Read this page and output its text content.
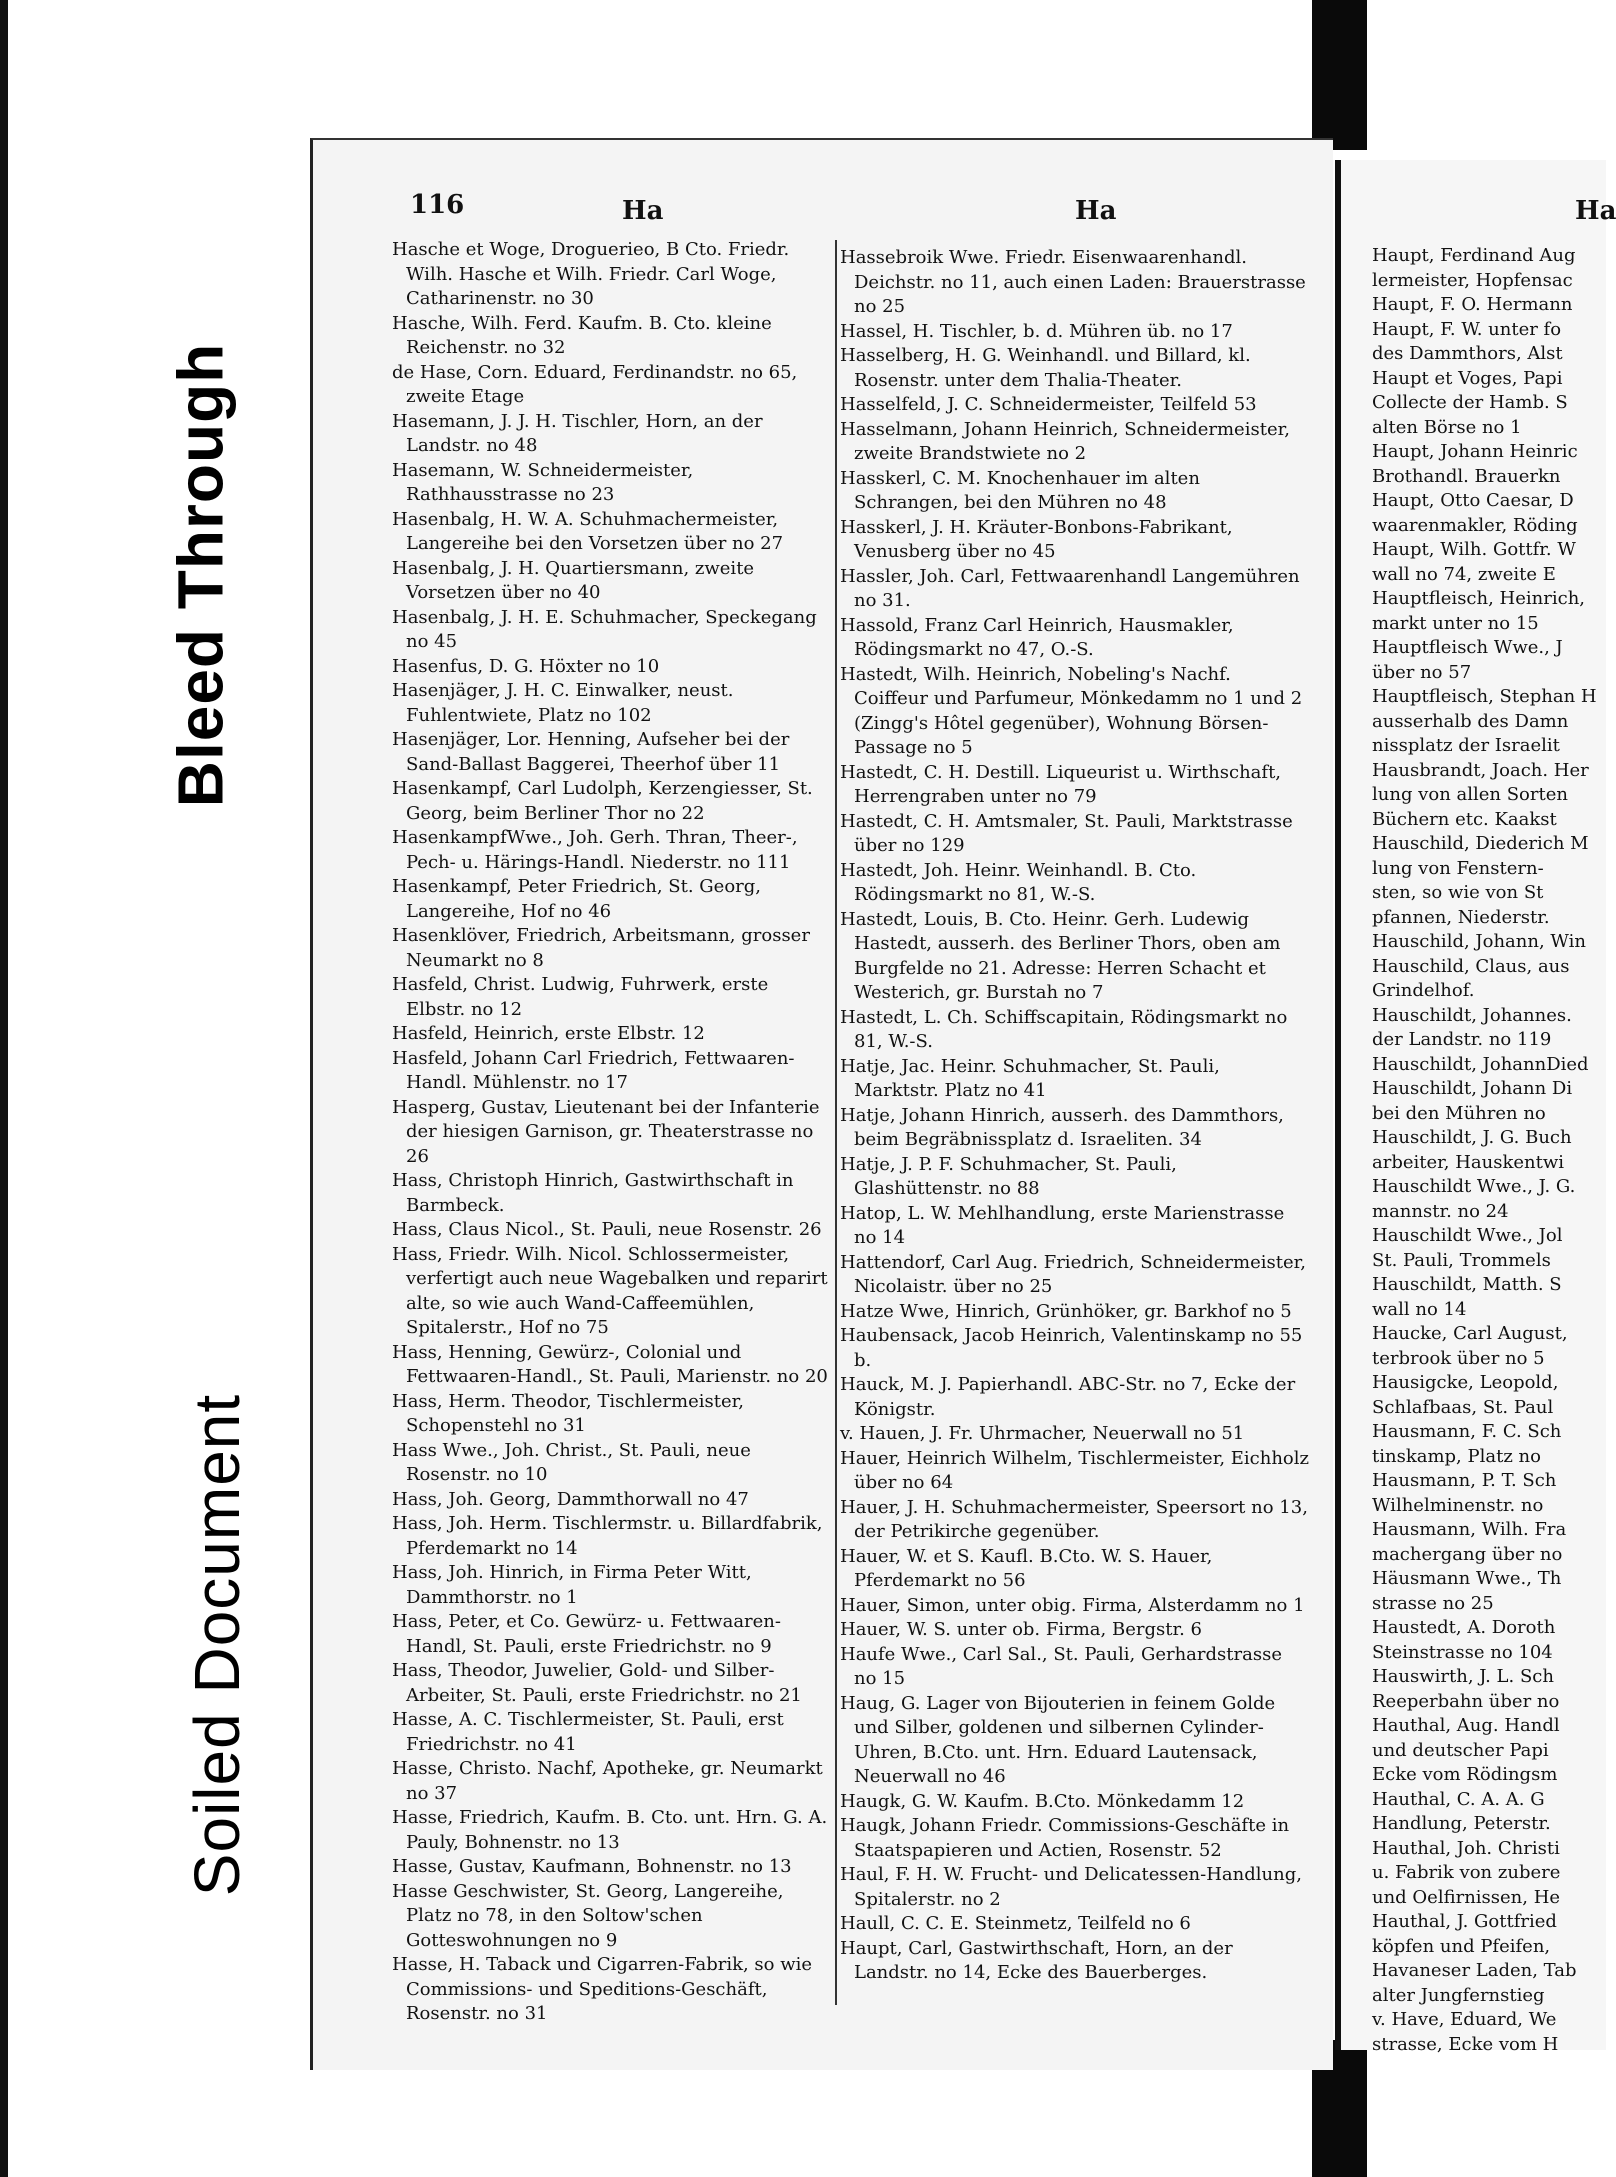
Bleed Through
Soiled Document
116	Ha	Ha	Ha

Hasche et Woge, Droguerieo, B Cto. Friedr. Wilh. Hasche et Wilh. Friedr. Carl Woge, Catharinenstr. no 30

Hasche, Wilh. Ferd. Kaufm. B. Cto. kleine Reichenstr. no 32

de Hase, Corn. Eduard, Ferdinandstr. no 65, zweite Etage

Hasemann, J. J. H. Tischler, Horn, an der Landstr. no 48

Hasemann, W. Schneidermeister, Rathhausstrasse no 23

Hasenbalg, H. W. A. Schuhmachermeister, Langereihe bei den Vorsetzen über no 27

Hasenbalg, J. H. Quartiersmann, zweite Vorsetzen über no 40

Hasenbalg, J. H. E. Schuhmacher, Speckegang no 45

Hasenfus, D. G. Höxter no 10

Hasenjäger, J. H. C. Einwalker, neust. Fuhlentwiete, Platz no 102

Hasenjäger, Lor. Henning, Aufseher bei der Sand-Ballast Baggerei, Theerhof über 11

Hasenkampf, Carl Ludolph, Kerzengiesser, St. Georg, beim Berliner Thor no 22

HasenkampfWwe., Joh. Gerh. Thran, Theer-, Pech- u. Härings-Handl. Niederstr. no 111

Hasenkampf, Peter Friedrich, St. Georg, Langereihe, Hof no 46

Hasenklöver, Friedrich, Arbeitsmann, grosser Neumarkt no 8

Hasfeld, Christ. Ludwig, Fuhrwerk, erste Elbstr. no 12

Hasfeld, Heinrich, erste Elbstr. 12

Hasfeld, Johann Carl Friedrich, Fettwaaren-Handl. Mühlenstr. no 17

Hasperg, Gustav, Lieutenant bei der Infanterie der hiesigen Garnison, gr. Theaterstrasse no 26

Hass, Christoph Hinrich, Gastwirthschaft in Barmbeck.

Hass, Claus Nicol., St. Pauli, neue Rosenstr. 26

Hass, Friedr. Wilh. Nicol. Schlossermeister, verfertigt auch neue Wagebalken und reparirt alte, so wie auch Wand-Caffeemühlen, Spitalerstr., Hof no 75

Hass, Henning, Gewürz-, Colonial und Fettwaaren-Handl., St. Pauli, Marienstr. no 20

Hass, Herm. Theodor, Tischlermeister, Schopenstehl no 31

Hass Wwe., Joh. Christ., St. Pauli, neue Rosenstr. no 10

Hass, Joh. Georg, Dammthorwall no 47

Hass, Joh. Herm. Tischlermstr. u. Billardfabrik, Pferdemarkt no 14

Hass, Joh. Hinrich, in Firma Peter Witt, Dammthorstr. no 1

Hass, Peter, et Co. Gewürz- u. Fettwaaren-Handl, St. Pauli, erste Friedrichstr. no 9

Hass, Theodor, Juwelier, Gold- und Silber-Arbeiter, St. Pauli, erste Friedrichstr. no 21

Hasse, A. C. Tischlermeister, St. Pauli, erst Friedrichstr. no 41

Hasse, Christo. Nachf, Apotheke, gr. Neumarkt no 37

Hasse, Friedrich, Kaufm. B. Cto. unt. Hrn. G. A. Pauly, Bohnenstr. no 13

Hasse, Gustav, Kaufmann, Bohnenstr. no 13

Hasse Geschwister, St. Georg, Langereihe, Platz no 78, in den Soltow'schen Gotteswohnungen no 9

Hasse, H. Taback und Cigarren-Fabrik, so wie Commissions- und Speditions-Geschäft, Rosenstr. no 31

Hassebroik Wwe. Friedr. Eisenwaarenhandl. Deichstr. no 11, auch einen Laden: Brauerstrasse no 25

Hassel, H. Tischler, b. d. Mühren üb. no 17

Hasselberg, H. G. Weinhandl. und Billard, kl. Rosenstr. unter dem Thalia-Theater.

Hasselfeld, J. C. Schneidermeister, Teilfeld 53

Hasselmann, Johann Heinrich, Schneidermeister, zweite Brandstwiete no 2

Hasskerl, C. M. Knochenhauer im alten Schrangen, bei den Mühren no 48

Hasskerl, J. H. Kräuter-Bonbons-Fabrikant, Venusberg über no 45

Hassler, Joh. Carl, Fettwaarenhandl Langemühren no 31.

Hassold, Franz Carl Heinrich, Hausmakler, Rödingsmarkt no 47, O.-S.

Hastedt, Wilh. Heinrich, Nobeling's Nachf. Coiffeur und Parfumeur, Mönkedamm no 1 und 2 (Zingg's Hôtel gegenüber), Wohnung Börsen-Passage no 5

Hastedt, C. H. Destill. Liqueurist u. Wirthschaft, Herrengraben unter no 79

Hastedt, C. H. Amtsmaler, St. Pauli, Marktstrasse über no 129

Hastedt, Joh. Heinr. Weinhandl. B. Cto. Rödingsmarkt no 81, W.-S.

Hastedt, Louis, B. Cto. Heinr. Gerh. Ludewig Hastedt, ausserh. des Berliner Thors, oben am Burgfelde no 21. Adresse: Herren Schacht et Westerich, gr. Burstah no 7

Hastedt, L. Ch. Schiffscapitain, Rödingsmarkt no 81, W.-S.

Hatje, Jac. Heinr. Schuhmacher, St. Pauli, Marktstr. Platz no 41

Hatje, Johann Hinrich, ausserh. des Dammthors, beim Begräbnissplatz d. Israeliten. 34

Hatje, J. P. F. Schuhmacher, St. Pauli, Glashüttenstr. no 88

Hatop, L. W. Mehlhandlung, erste Marienstrasse no 14

Hattendorf, Carl Aug. Friedrich, Schneidermeister, Nicolaistr. über no 25

Hatze Wwe, Hinrich, Grünhöker, gr. Barkhof no 5

Haubensack, Jacob Heinrich, Valentinskamp no 55 b.

Hauck, M. J. Papierhandl. ABC-Str. no 7, Ecke der Königstr.

v. Hauen, J. Fr. Uhrmacher, Neuerwall no 51

Hauer, Heinrich Wilhelm, Tischlermeister, Eichholz über no 64

Hauer, J. H. Schuhmachermeister, Speersort no 13, der Petrikirche gegenüber.

Hauer, W. et S. Kaufl. B.Cto. W. S. Hauer, Pferdemarkt no 56

Hauer, Simon, unter obig. Firma, Alsterdamm no 1

Hauer, W. S. unter ob. Firma, Bergstr. 6

Haufe Wwe., Carl Sal., St. Pauli, Gerhardstrasse no 15

Haug, G. Lager von Bijouterien in feinem Golde und Silber, goldenen und silbernen Cylinder-Uhren, B.Cto. unt. Hrn. Eduard Lautensack, Neuerwall no 46

Haugk, G. W. Kaufm. B.Cto. Mönkedamm 12

Haugk, Johann Friedr. Commissions-Geschäfte in Staatspapieren und Actien, Rosenstr. 52

Haul, F. H. W. Frucht- und Delicatessen-Handlung, Spitalerstr. no 2

Haull, C. C. E. Steinmetz, Teilfeld no 6

Haupt, Carl, Gastwirthschaft, Horn, an der Landstr. no 14, Ecke des Bauerberges.

Haupt, Ferdinand Aug

lermeister, Hopfensac

Haupt, F. O. Hermann

Haupt, F. W. unter fo

des Dammthors, Alst

Haupt et Voges, Papi

Collecte der Hamb. S

alten Börse no 1

Haupt, Johann Heinric

Brothandl. Brauerkn

Haupt, Otto Caesar, D

waarenmakler, Röding

Haupt, Wilh. Gottfr. W

wall no 74, zweite E

Hauptfleisch, Heinrich,

markt unter no 15

Hauptfleisch Wwe., J

über no 57

Hauptfleisch, Stephan H

ausserhalb des Damn

nissplatz der Israelit

Hausbrandt, Joach. Her

lung von allen Sorten

Büchern etc. Kaakst

Hauschild, Diederich M

lung von Fenstern-

sten, so wie von St

pfannen, Niederstr.

Hauschild, Johann, Win

Hauschild, Claus, aus

Grindelhof.

Hauschildt, Johannes.

der Landstr. no 119

Hauschildt, JohannDied

Hauschildt, Johann Di

bei den Mühren no

Hauschildt, J. G. Buch

arbeiter, Hauskentwi

Hauschildt Wwe., J. G.

mannstr. no 24

Hauschildt Wwe., Jol

St. Pauli, Trommels

Hauschildt, Matth. S

wall no 14

Haucke, Carl August,

terbrook über no 5

Hausigcke, Leopold,

Schlafbaas, St. Paul

Hausmann, F. C. Sch

tinskamp, Platz no

Hausmann, P. T. Sch

Wilhelminenstr. no

Hausmann, Wilh. Fra

machergang über no

Häusmann Wwe., Th

strasse no 25

Haustedt, A. Doroth

Steinstrasse no 104

Hauswirth, J. L. Sch

Reeperbahn über no

Hauthal, Aug. Handl

und deutscher Papi

Ecke vom Rödingsm

Hauthal, C. A. A. G

Handlung, Peterstr.

Hauthal, Joh. Christi

u. Fabrik von zubere

und Oelfirnissen, He

Hauthal, J. Gottfried

köpfen und Pfeifen,

Havaneser Laden, Tab

alter Jungfernstieg

v. Have, Eduard, We

strasse, Ecke vom H
